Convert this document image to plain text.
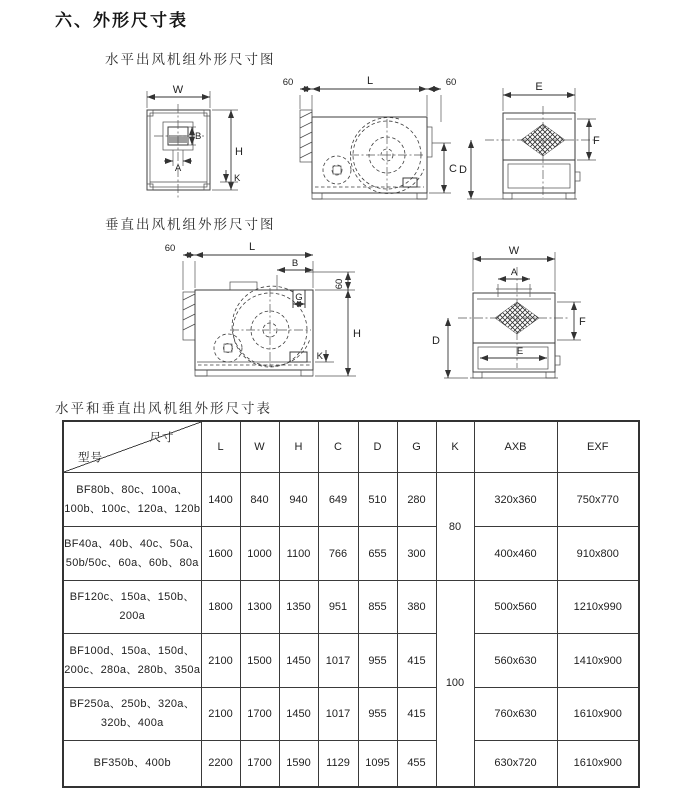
六、外形尺寸表
水平出风机组外形尺寸图
W
B
A
H
K
60	L	60
C
E
F
D
垂直出风机组外形尺寸图
60	L
B
G
60
H
K
W
A
F
D
E
水平和垂直出风机组外形尺寸表
尺寸
型号	L	W	H	C	D	G	K	AXB	EXF
BF80b、80c、100a、100b、100c、120a、120b	1400	840	940	649	510	280	80	320x360	750x770
BF40a、40b、40c、50a、50b/50c、60a、60b、80a	1600	1000	1100	766	655	300		400x460	910x800
BF120c、150a、150b、200a	1800	1300	1350	951	855	380	100	500x560	1210x990
BF100d、150a、150d、200c、280a、280b、350a	2100	1500	1450	1017	955	415		560x630	1410x900
BF250a、250b、320a、320b、400a	2100	1700	1450	1017	955	415		760x630	1610x900
BF350b、400b	2200	1700	1590	1129	1095	455		630x720	1610x900
